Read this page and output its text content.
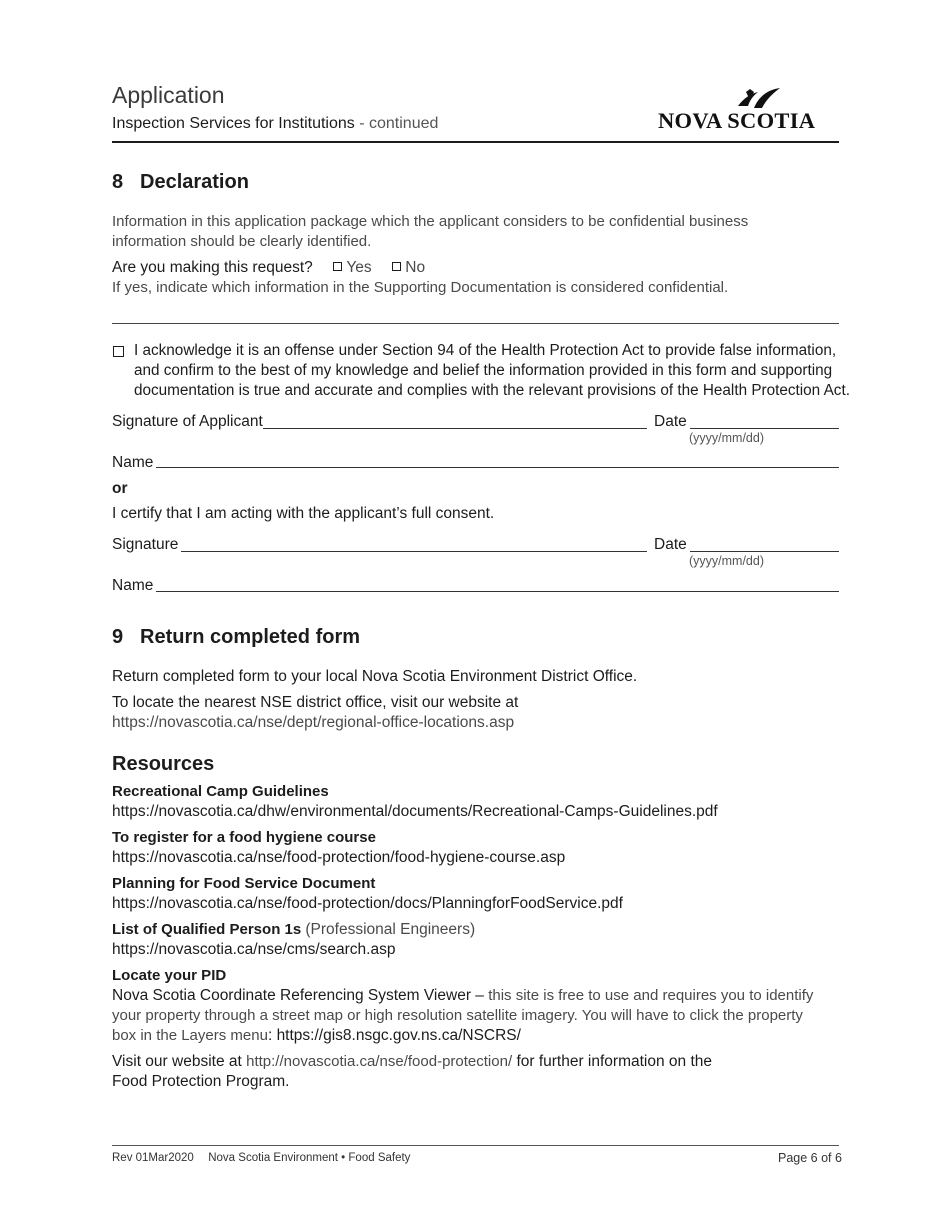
Application
Inspection Services for Institutions - continued	NOVA SCOTIA
8 Declaration
Information in this application package which the applicant considers to be confidential business information should be clearly identified.
Are you making this request? Yes No
If yes, indicate which information in the Supporting Documentation is considered confidential.
I acknowledge it is an offense under Section 94 of the Health Protection Act to provide false information,
and confirm to the best of my knowledge and belief the information provided in this form and supporting
documentation is true and accurate and complies with the relevant provisions of the Health Protection Act.
Signature of Applicant	Date
(yyyy/mm/dd)
Name
or
I certify that I am acting with the applicant’s full consent.
Signature	Date
(yyyy/mm/dd)
Name
9 Return completed form
Return completed form to your local Nova Scotia Environment District Office.
To locate the nearest NSE district office, visit our website at
https://novascotia.ca/nse/dept/regional-office-locations.asp
Resources
Recreational Camp Guidelines
https://novascotia.ca/dhw/environmental/documents/Recreational-Camps-Guidelines.pdf
To register for a food hygiene course
https://novascotia.ca/nse/food-protection/food-hygiene-course.asp
Planning for Food Service Document
https://novascotia.ca/nse/food-protection/docs/PlanningforFoodService.pdf
List of Qualified Person 1s (Professional Engineers)
https://novascotia.ca/nse/cms/search.asp
Locate your PID
Nova Scotia Coordinate Referencing System Viewer – this site is free to use and requires you to identify
your property through a street map or high resolution satellite imagery. You will have to click the property
box in the Layers menu: https://gis8.nsgc.gov.ns.ca/NSCRS/
Visit our website at http://novascotia.ca/nse/food-protection/ for further information on the
Food Protection Program.
Rev 01Mar2020 Nova Scotia Environment • Food Safety	Page 6 of 6
